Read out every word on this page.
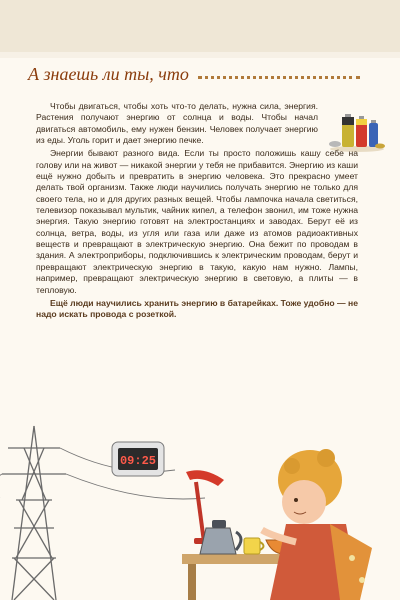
А знаешь ли ты, что

Чтобы двигаться, чтобы хоть что-то делать, нужна сила, энергия. Растения получают энергию от солнца и воды. Чтобы начал двигаться автомобиль, ему нужен бензин. Человек получает энергию из еды. Уголь горит и дает энергию печке.

Энергии бывают разного вида. Если ты просто положишь кашу себе на голову или на живот — никакой энергии у тебя не прибавится. Энергию из каши ещё нужно добыть и превратить в энергию человека. Это прекрасно умеет делать твой организм. Также люди научились получать энергию не только для своего тела, но и для других разных вещей. Чтобы лампочка начала светиться, телевизор показывал мультик, чайник кипел, а телефон звонил, им тоже нужна энергия. Такую энергию готовят на электростанциях и заводах. Берут её из солнца, ветра, воды, из угля или газа или даже из атомов радиоактивных веществ и превращают в электрическую энергию. Она бежит по проводам в здания. А электроприборы, подключившись к электрическим проводам, берут и превращают электрическую энергию в такую, какую нам нужно. Лампы, например, превращают электрическую энергию в световую, а плиты — в тепловую.

Ещё люди научились хранить энергию в батарейках. Тоже удобно — не надо искать провода с розеткой.

09:25
